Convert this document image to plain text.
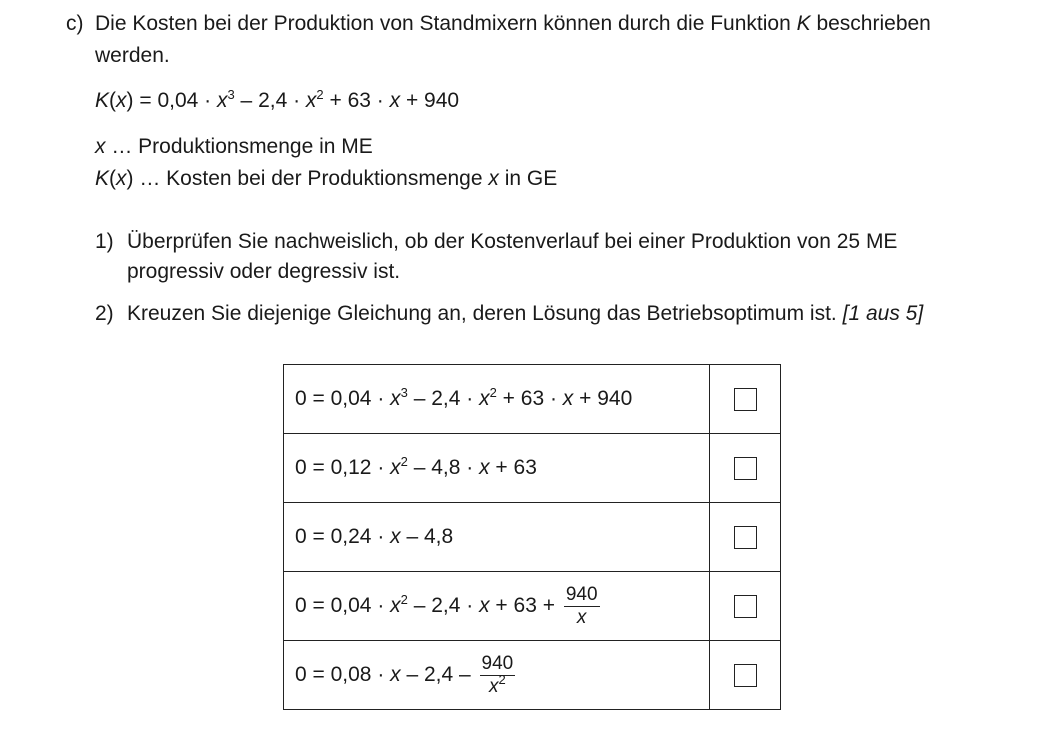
c) Die Kosten bei der Produktion von Standmixern können durch die Funktion K beschrieben
werden.
$K(x) = 0,04 \cdot x^3 - 2,4 \cdot x^2 + 63 \cdot x + 940$
x … Produktionsmenge in ME
K(x) … Kosten bei der Produktionsmenge x in GE
1) Überprüfen Sie nachweislich, ob der Kostenverlauf bei einer Produktion von 25 ME
progressiv oder degressiv ist.
2) Kreuzen Sie diejenige Gleichung an, deren Lösung das Betriebsoptimum ist. [1 aus 5]
$0 = 0,04 \cdot x^3 - 2,4 \cdot x^2 + 63 \cdot x + 940$	
$0 = 0,12 \cdot x^2 - 4,8 \cdot x + 63$	
0 = 0,24 · x – 4,8	
$0 = 0,04 \cdot x^2 - 2,4 \cdot x + 63 + \frac{940}{x}$

$0 = 0,08 \cdot x - 2,4 - \frac{940}{x^2}$
